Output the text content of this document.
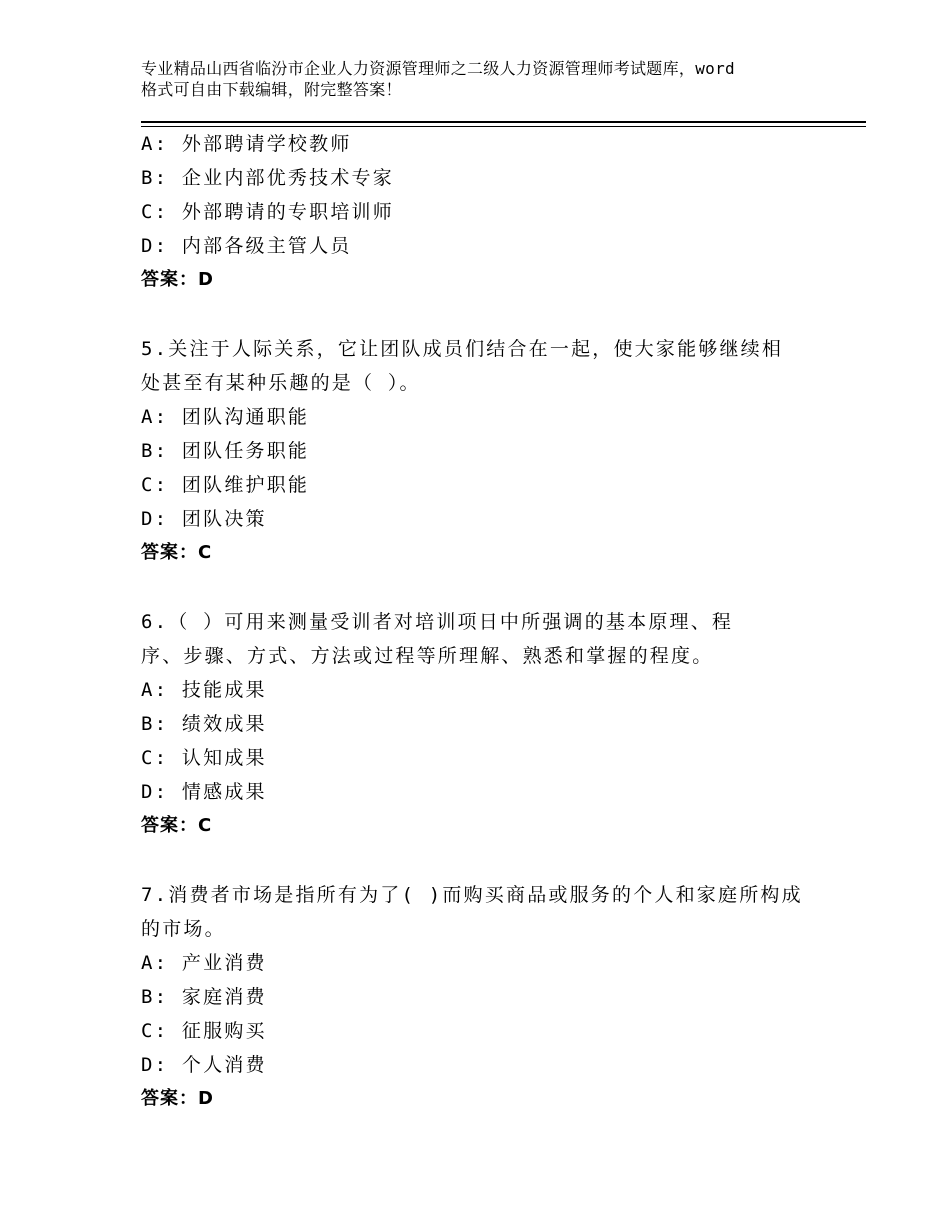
专业精品山西省临汾市企业人力资源管理师之二级人力资源管理师考试题库，word
格式可自由下载编辑，附完整答案！
A: 外部聘请学校教师
B: 企业内部优秀技术专家
C: 外部聘请的专职培训师
D: 内部各级主管人员
答案：D
5.关注于人际关系，它让团队成员们结合在一起，使大家能够继续相
处甚至有某种乐趣的是（ ）。
A: 团队沟通职能
B: 团队任务职能
C: 团队维护职能
D: 团队决策
答案：C
6.（ ）可用来测量受训者对培训项日中所强调的基本原理、程
序、步骤、方式、方法或过程等所理解、熟悉和掌握的程度。
A: 技能成果
B: 绩效成果
C: 认知成果
D: 情感成果
答案：C
7.消费者市场是指所有为了( )而购买商品或服务的个人和家庭所构成
的市场。
A: 产业消费
B: 家庭消费
C: 征服购买
D: 个人消费
答案：D
